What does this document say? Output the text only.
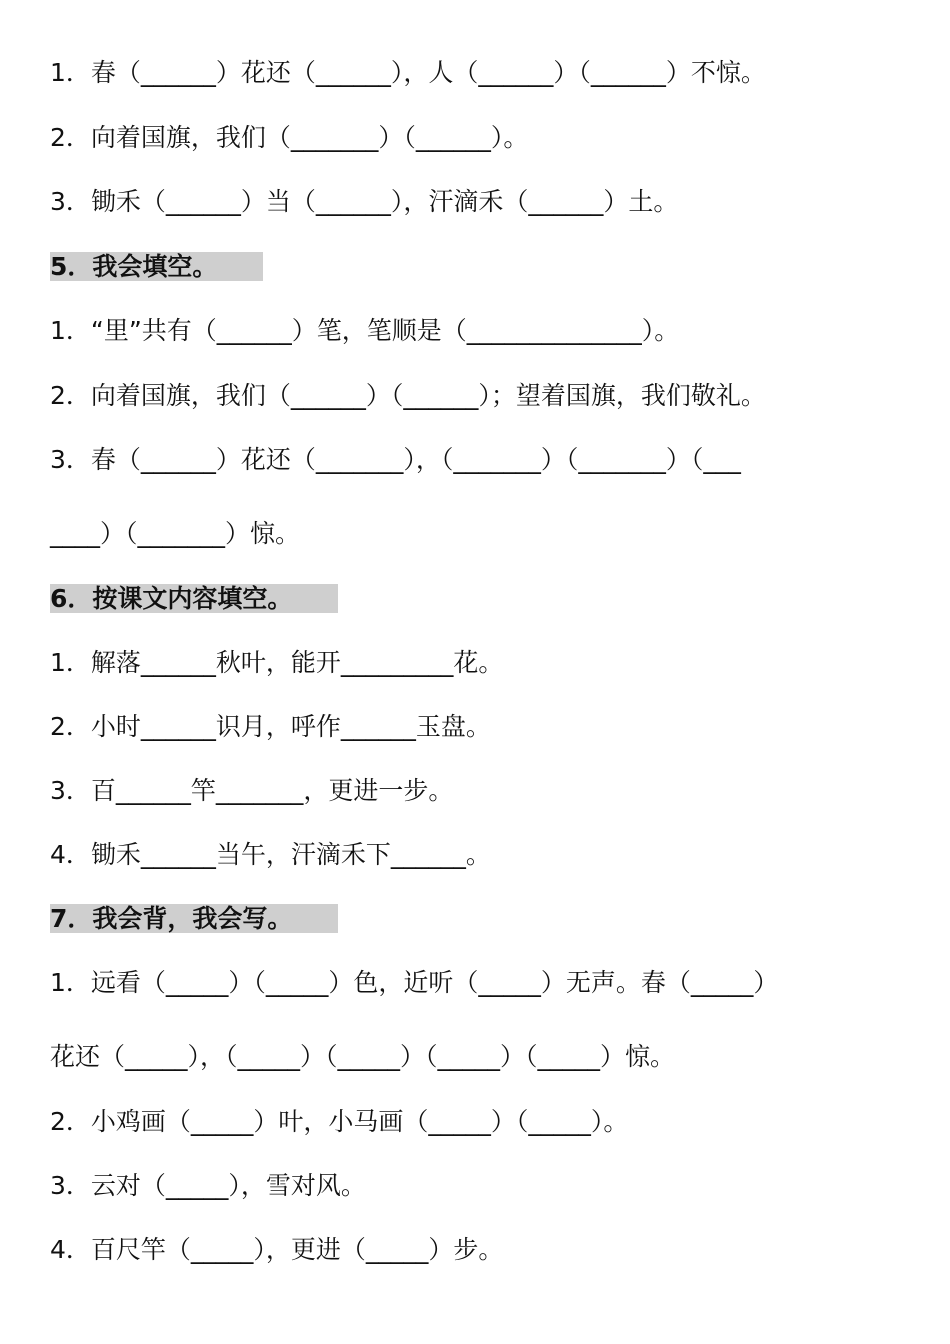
1．春（______）花还（______），人（______）（______）不惊。
2．向着国旗，我们（_______）（______）。
3．锄禾（______）当（______），汗滴禾（______）土。
5．我会填空。
1．“里”共有（______）笔，笔顺是（______________）。
2．向着国旗，我们（______）（______）；望着国旗，我们敬礼。
3．春（______）花还（_______），（_______）（_______）（___
____）（_______）惊。
6．按课文内容填空。
1．解落______秋叶，能开_________花。
2．小时______识月，呼作______玉盘。
3．百______竿_______，更进一步。
4．锄禾______当午，汗滴禾下______。
7．我会背，我会写。
1．远看（_____）（_____）色，近听（_____）无声。春（_____）
花还（_____），（_____）（_____）（_____）（_____）惊。
2．小鸡画（_____）叶，小马画（_____）（_____）。
3．云对（_____），雪对风。
4．百尺竿（_____），更进（_____）步。
